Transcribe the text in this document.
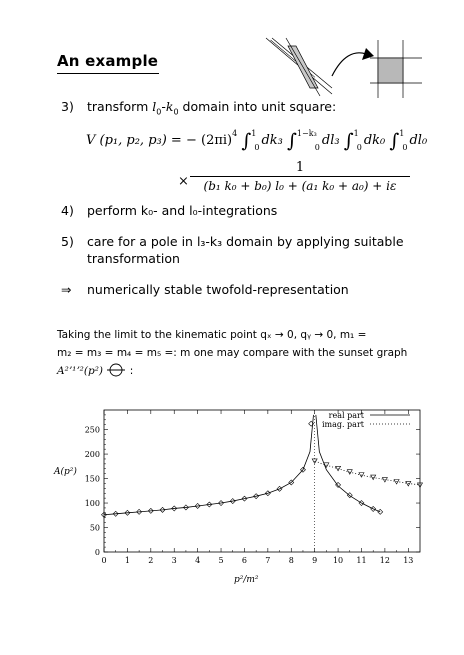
An example
3) transform $l_0-k_0$ domain into unit square:
V (p₁, p₂, p₃) = − $(2\pi i)^4$ ∫$^1_0$ dk₃ ∫$^{1-k_3}_0$ dl₃ ∫$^1_0$ dk₀ ∫$^1_0$ dl₀
×
1
(b₁ k₀ + b₀) l₀ + (a₁ k₀ + a₀) + iε
4) perform k₀- and l₀-integrations
5) care for a pole in l₃-k₃ domain by applying suitable
transformation
⇒ numerically stable twofold-representation
Taking the limit to the kinematic point qₓ → 0, qᵧ → 0, m₁ =
m₂ = m₃ = m₄ = m₅ =: m one may compare with the sunset graph
A²ʼ¹ʼ²(p²)	:
A(p²)
p²/m²
0 1 2 3 4 5 6 7 8 9 10 11 12 13
0
50
100
150
200
250
real part
imag. part
